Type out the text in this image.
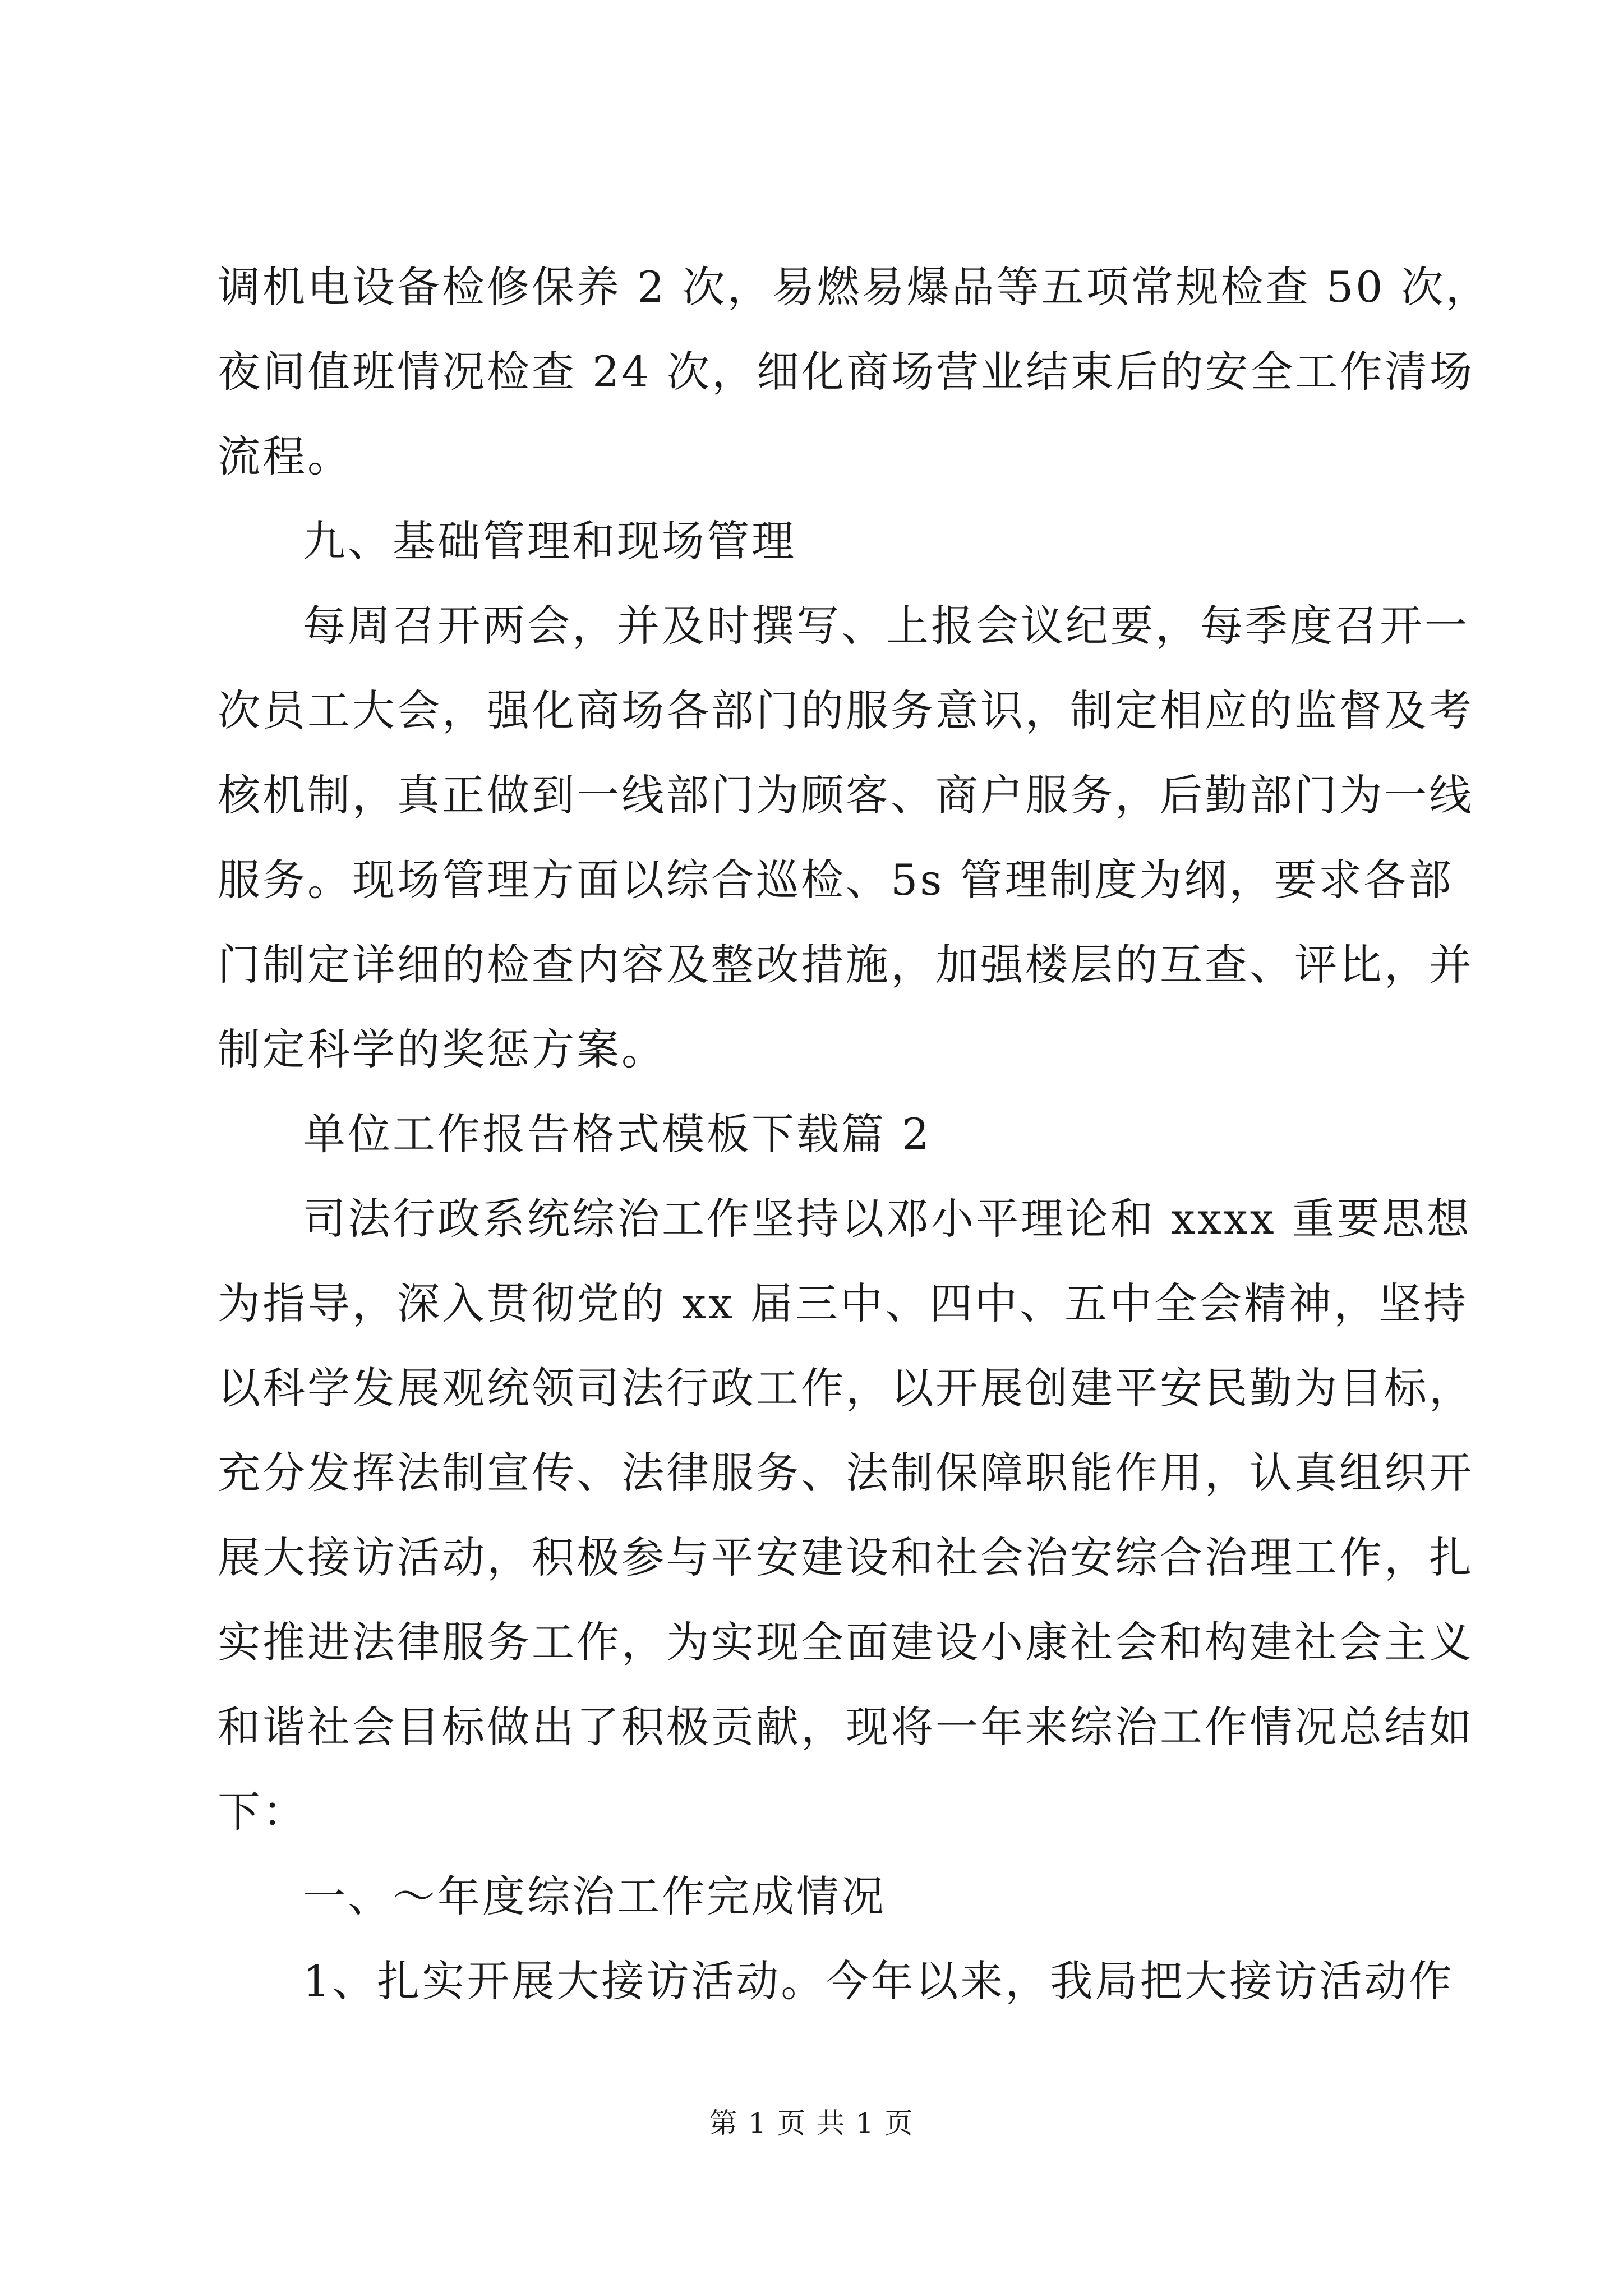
调机电设备检修保养 2 次，易燃易爆品等五项常规检查 50 次，
夜间值班情况检查 24 次，细化商场营业结束后的安全工作清场
流程。
九、基础管理和现场管理
每周召开两会，并及时撰写、上报会议纪要，每季度召开一
次员工大会，强化商场各部门的服务意识，制定相应的监督及考
核机制，真正做到一线部门为顾客、商户服务，后勤部门为一线
服务。现场管理方面以综合巡检、5s 管理制度为纲，要求各部
门制定详细的检查内容及整改措施，加强楼层的互查、评比，并
制定科学的奖惩方案。
单位工作报告格式模板下载篇 2
司法行政系统综治工作坚持以邓小平理论和 xxxx 重要思想
为指导，深入贯彻党的 xx 届三中、四中、五中全会精神，坚持
以科学发展观统领司法行政工作，以开展创建平安民勤为目标，
充分发挥法制宣传、法律服务、法制保障职能作用，认真组织开
展大接访活动，积极参与平安建设和社会治安综合治理工作，扎
实推进法律服务工作，为实现全面建设小康社会和构建社会主义
和谐社会目标做出了积极贡献，现将一年来综治工作情况总结如
下：
一、～年度综治工作完成情况
1、扎实开展大接访活动。今年以来，我局把大接访活动作
第 1 页 共 1 页
